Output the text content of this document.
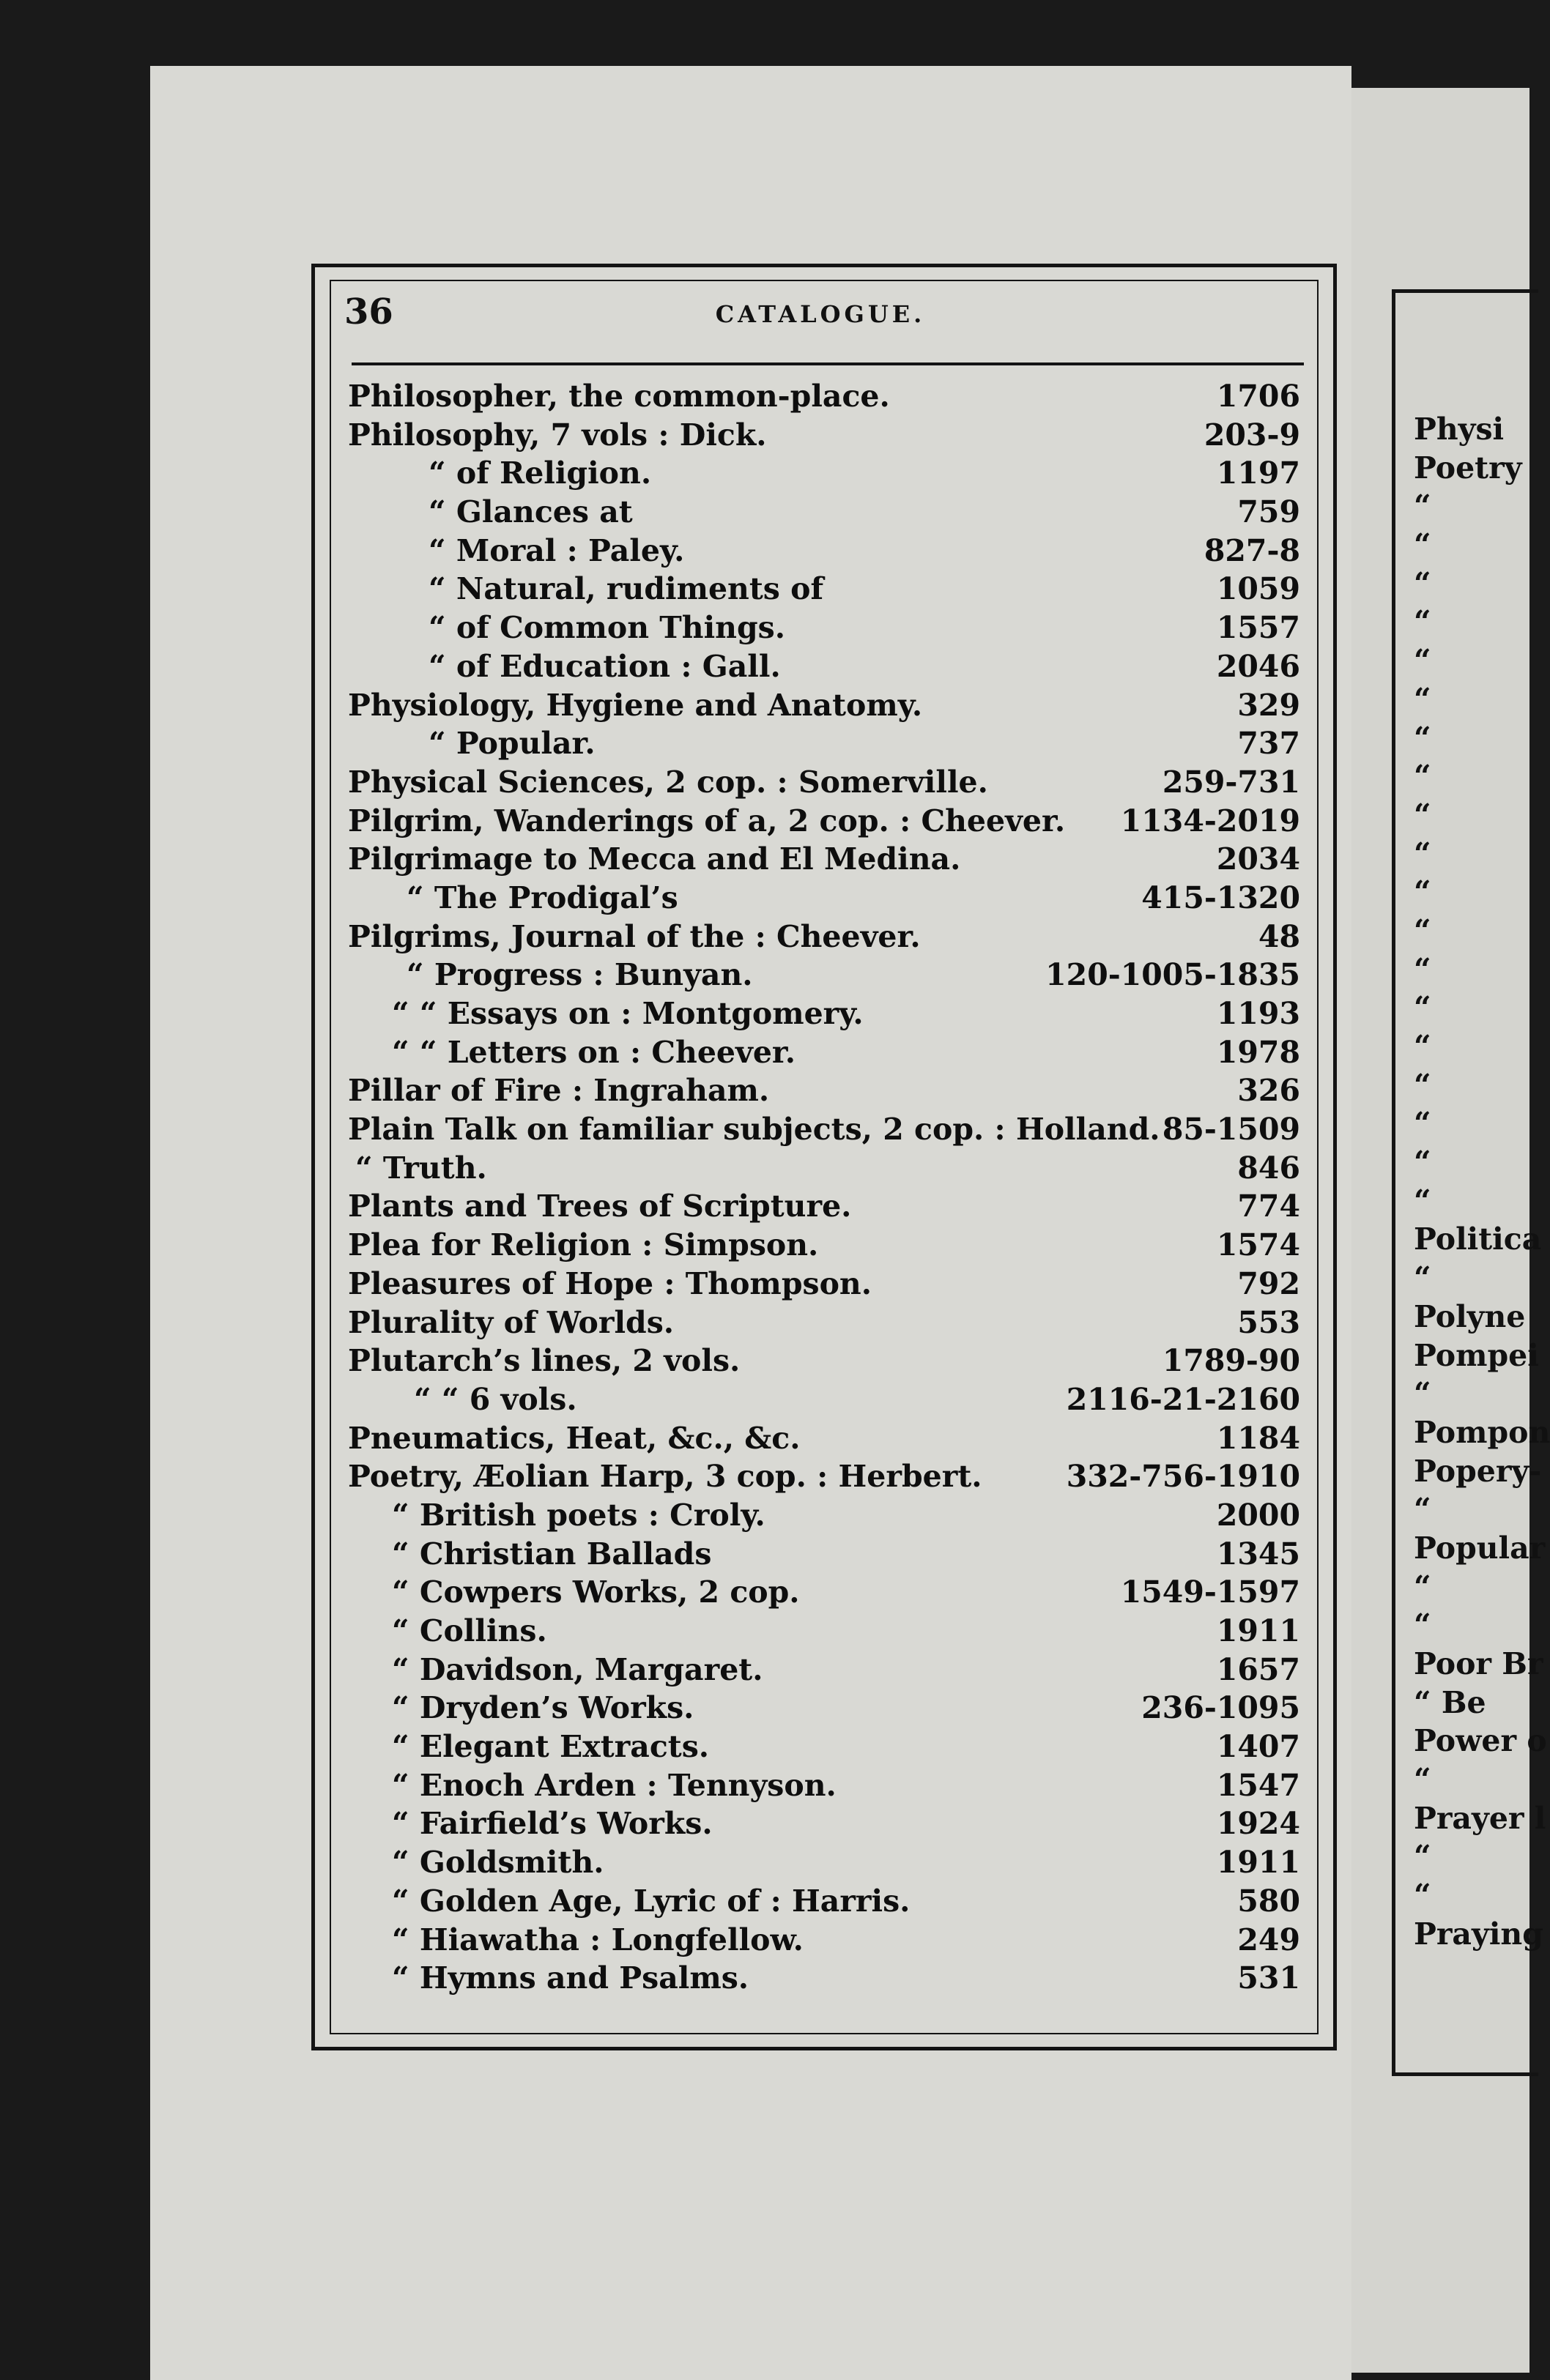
36	CATALOGUE.
Philosopher, the common-place.	1706
Philosophy, 7 vols : Dick.	203-9
“ of Religion.	1197
“ Glances at	759
“ Moral : Paley.	827-8
“ Natural, rudiments of	1059
“ of Common Things.	1557
“ of Education : Gall.	2046
Physiology, Hygiene and Anatomy.	329
“ Popular.	737
Physical Sciences, 2 cop. : Somerville.	259-731
Pilgrim, Wanderings of a, 2 cop. : Cheever. 1134-2019
Pilgrimage to Mecca and El Medina.	2034
“ The Prodigal’s	415-1320
Pilgrims, Journal of the : Cheever.	48
“ Progress : Bunyan.	120-1005-1835
“ “ Essays on : Montgomery.	1193
“ “ Letters on : Cheever.	1978
Pillar of Fire : Ingraham.	326
Plain Talk on familiar subjects, 2 cop. : Holland. 85-1509
“ Truth.	846
Plants and Trees of Scripture.	774
Plea for Religion : Simpson.	1574
Pleasures of Hope : Thompson.	792
Plurality of Worlds.	553
Plutarch’s lines, 2 vols.	1789-90
“ “ 6 vols.	2116-21-2160
Pneumatics, Heat, &c., &c.	1184
Poetry, Æolian Harp, 3 cop. : Herbert.	332-756-1910
“ British poets : Croly.	2000
“ Christian Ballads	1345
“ Cowpers Works, 2 cop.	1549-1597
“ Collins.	1911
“ Davidson, Margaret.	1657
“ Dryden’s Works.	236-1095
“ Elegant Extracts.	1407
“ Enoch Arden : Tennyson.	1547
“ Fairfield’s Works.	1924
“ Goldsmith.	1911
“ Golden Age, Lyric of : Harris.	580
“ Hiawatha : Longfellow.	249
“ Hymns and Psalms.	531
Physi
Poetry
“
“
“
“
“
“
“
“
“
“
“
“
“
“
“
“
“
“
“
Politica
“
Polyne
Pompei
“
Pompon
Popery-
“
Popular
“
“
Poor Br
“ Be
Power o
“
Prayer l
“
“
Praying
